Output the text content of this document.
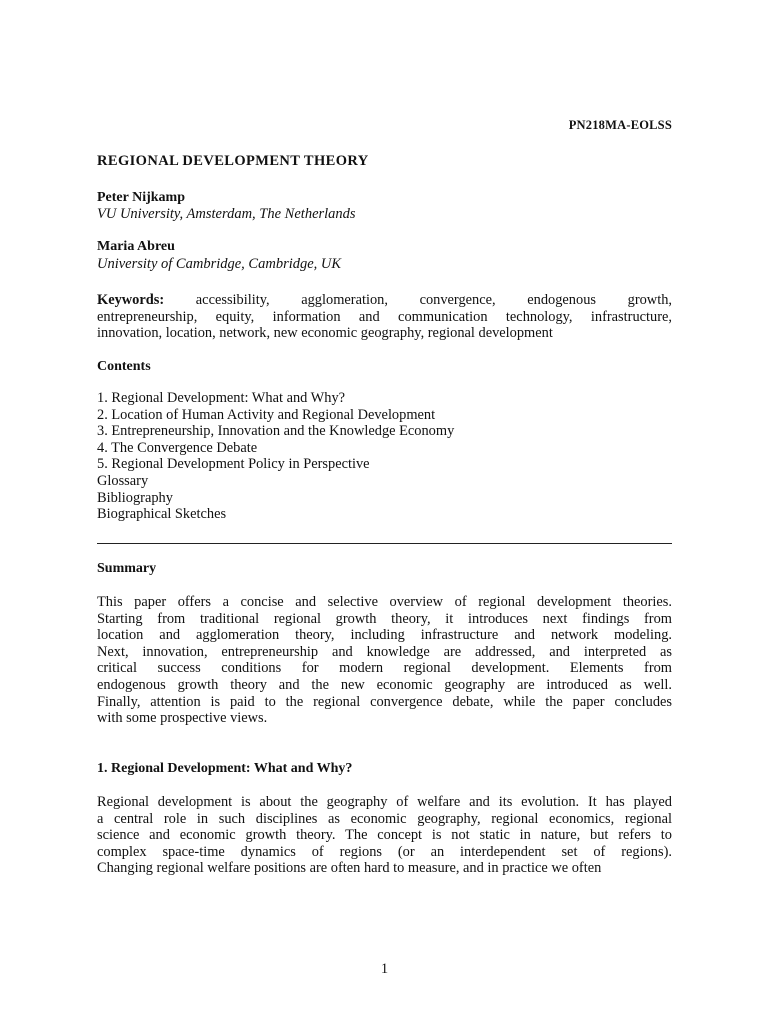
PN218MA-EOLSS
REGIONAL DEVELOPMENT THEORY
Peter Nijkamp
VU University, Amsterdam, The Netherlands
Maria Abreu
University of Cambridge, Cambridge, UK
Keywords: accessibility, agglomeration, convergence, endogenous growth,
entrepreneurship, equity, information and communication technology, infrastructure,
innovation, location, network, new economic geography, regional development
Contents
1. Regional Development: What and Why?
2. Location of Human Activity and Regional Development
3. Entrepreneurship, Innovation and the Knowledge Economy
4. The Convergence Debate
5. Regional Development Policy in Perspective
Glossary
Bibliography
Biographical Sketches
Summary
This paper offers a concise and selective overview of regional development theories.
Starting from traditional regional growth theory, it introduces next findings from
location and agglomeration theory, including infrastructure and network modeling.
Next, innovation, entrepreneurship and knowledge are addressed, and interpreted as
critical success conditions for modern regional development. Elements from
endogenous growth theory and the new economic geography are introduced as well.
Finally, attention is paid to the regional convergence debate, while the paper concludes
with some prospective views.
1. Regional Development: What and Why?
Regional development is about the geography of welfare and its evolution. It has played
a central role in such disciplines as economic geography, regional economics, regional
science and economic growth theory. The concept is not static in nature, but refers to
complex space-time dynamics of regions (or an interdependent set of regions).
Changing regional welfare positions are often hard to measure, and in practice we often
1
